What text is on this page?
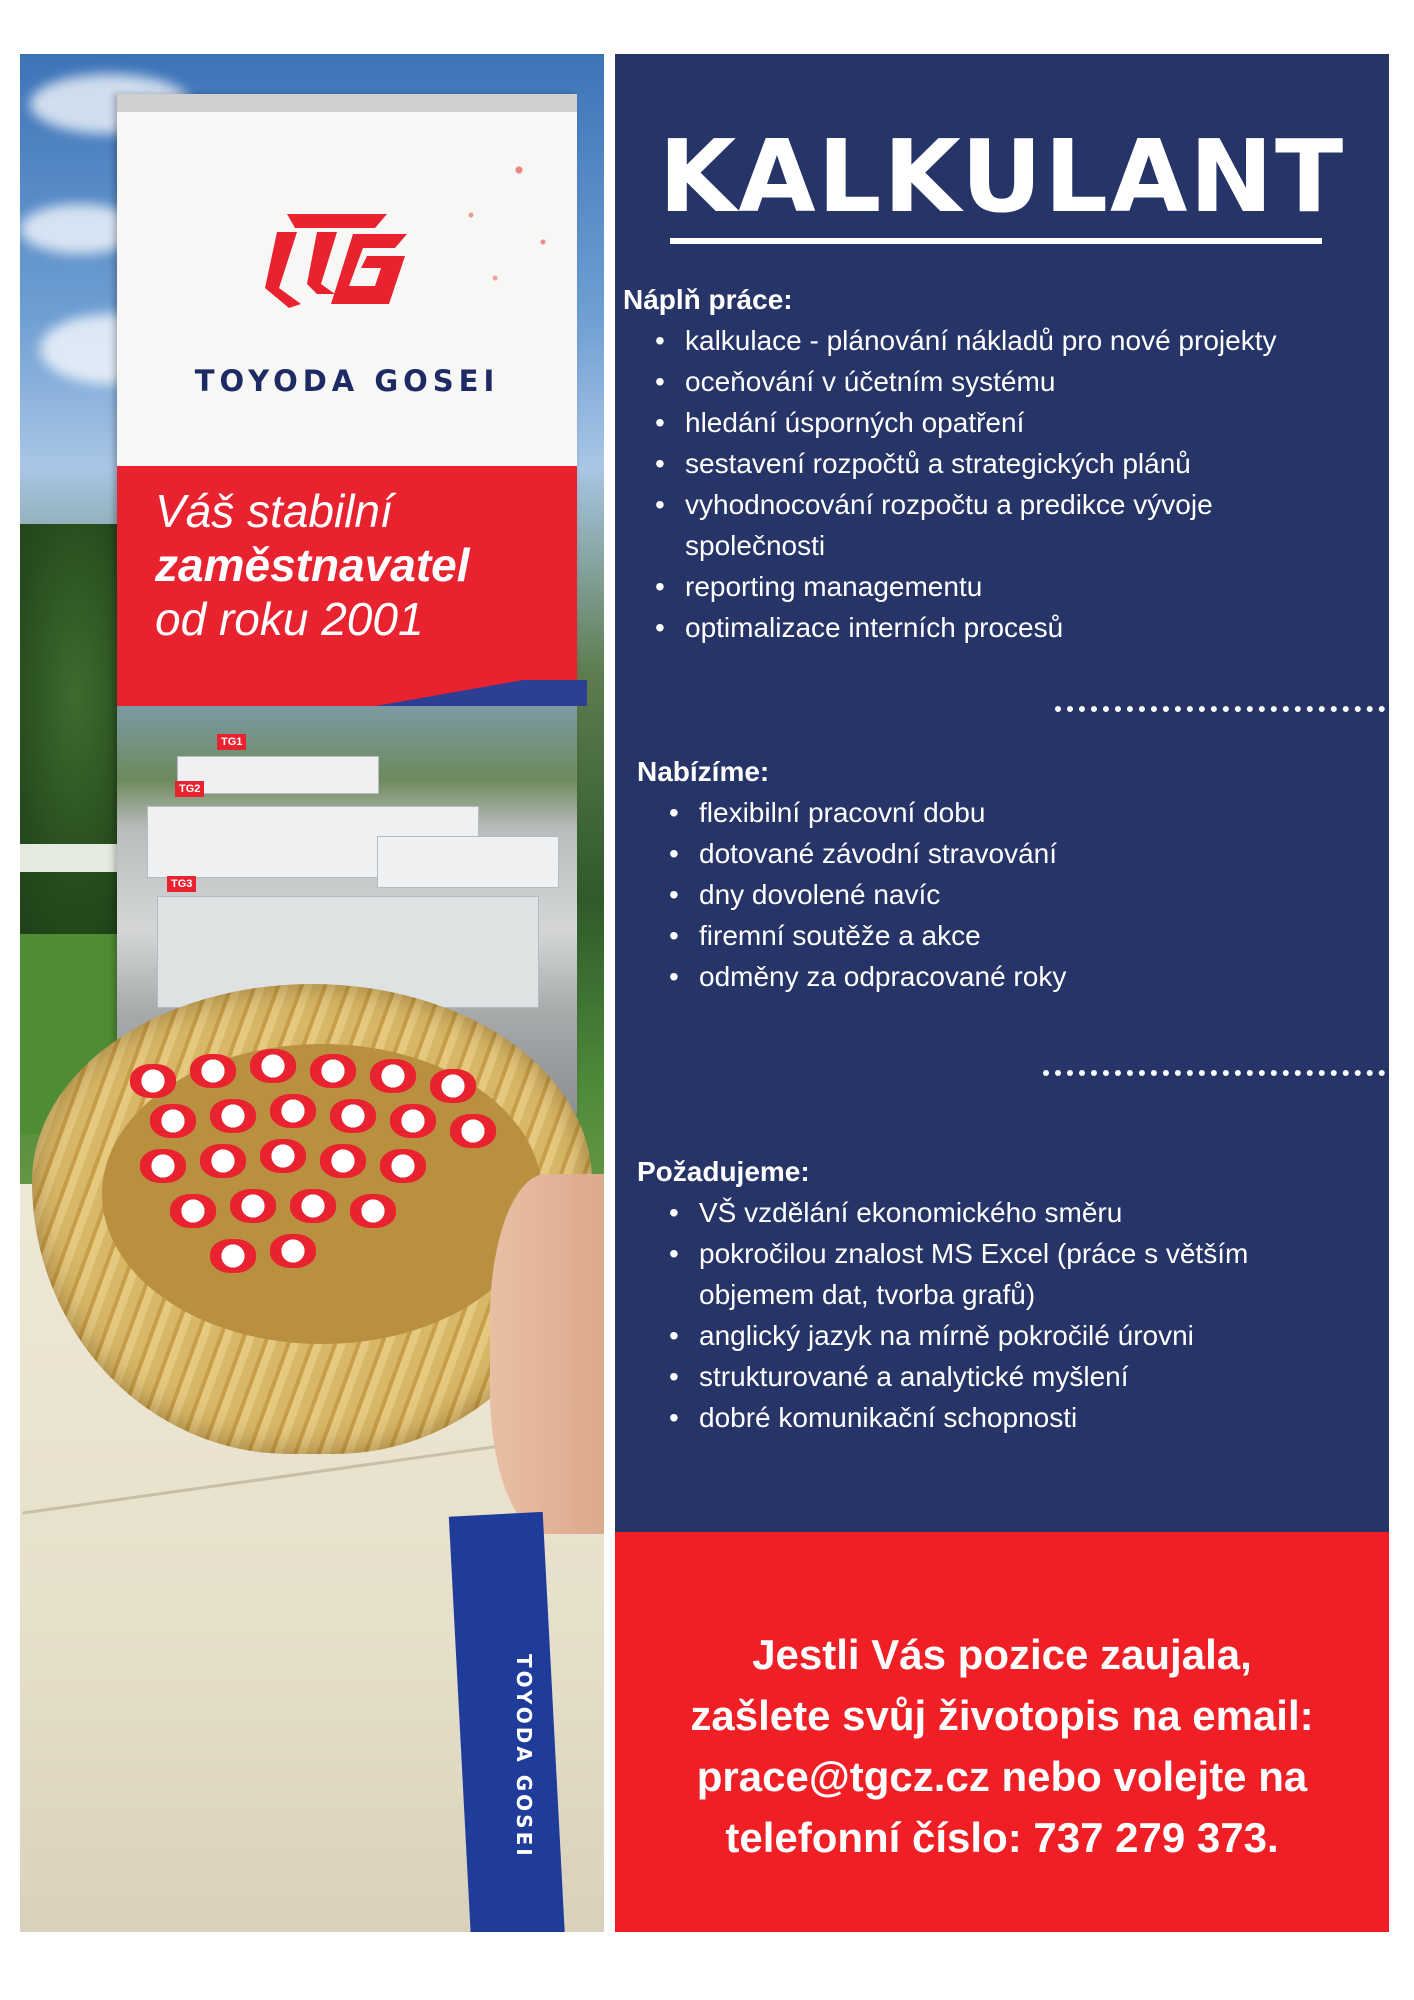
TOYODA GOSEI
Váš stabilní
zaměstnavatel
od roku 2001
TG1
TG2
TG3
TOYODA GOSEI
KALKULANT
Náplň práce:
• kalkulace - plánování nákladů pro nové projekty
• oceňování v účetním systému
• hledání úsporných opatření
• sestavení rozpočtů a strategických plánů
• vyhodnocování rozpočtu a predikce vývoje
společnosti
• reporting managementu
• optimalizace interních procesů
Nabízíme:
• flexibilní pracovní dobu
• dotované závodní stravování
• dny dovolené navíc
• firemní soutěže a akce
• odměny za odpracované roky
Požadujeme:
• VŠ vzdělání ekonomického směru
• pokročilou znalost MS Excel (práce s větším
objemem dat, tvorba grafů)
• anglický jazyk na mírně pokročilé úrovni
• strukturované a analytické myšlení
• dobré komunikační schopnosti
Jestli Vás pozice zaujala,
zašlete svůj životopis na email:
prace@tgcz.cz nebo volejte na
telefonní číslo: 737 279 373.
